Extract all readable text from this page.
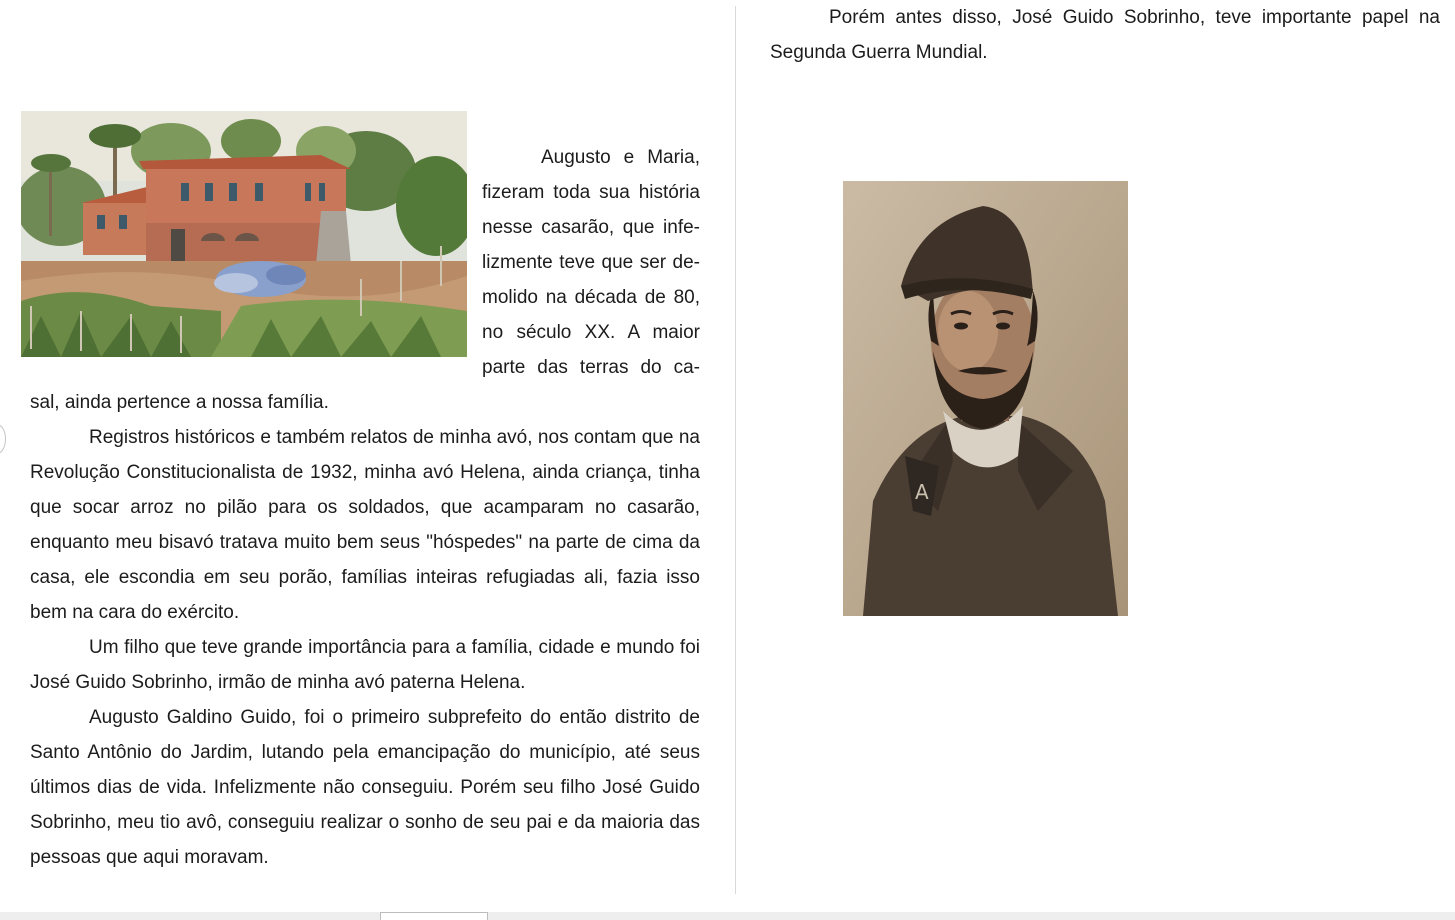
Augusto e Maria, fizeram toda sua história nesse casarão, que infe-lizmente teve que ser de-molido na década de 80, no século XX. A maior parte das terras do ca-sal, ainda pertence a nossa família.

Registros históricos e também relatos de minha avó, nos contam que na Revolução Constitucionalista de 1932, minha avó Helena, ainda criança, tinha que socar arroz no pilão para os soldados, que acamparam no casarão, enquanto meu bisavó tratava muito bem seus "hóspedes" na parte de cima da casa, ele escondia em seu porão, famílias inteiras refugiadas ali, fazia isso bem na cara do exército.

Um filho que teve grande importância para a família, cidade e mundo foi José Guido Sobrinho, irmão de minha avó paterna Helena.

Augusto Galdino Guido, foi o primeiro subprefeito do então distrito de Santo Antônio do Jardim, lutando pela emancipação do município, até seus últimos dias de vida. Infelizmente não conseguiu. Porém seu filho José Guido Sobrinho, meu tio avô, conseguiu realizar o sonho de seu pai e da maioria das pessoas que aqui moravam.

Porém antes disso, José Guido Sobrinho, teve importante papel na Segunda Guerra Mundial.

A
